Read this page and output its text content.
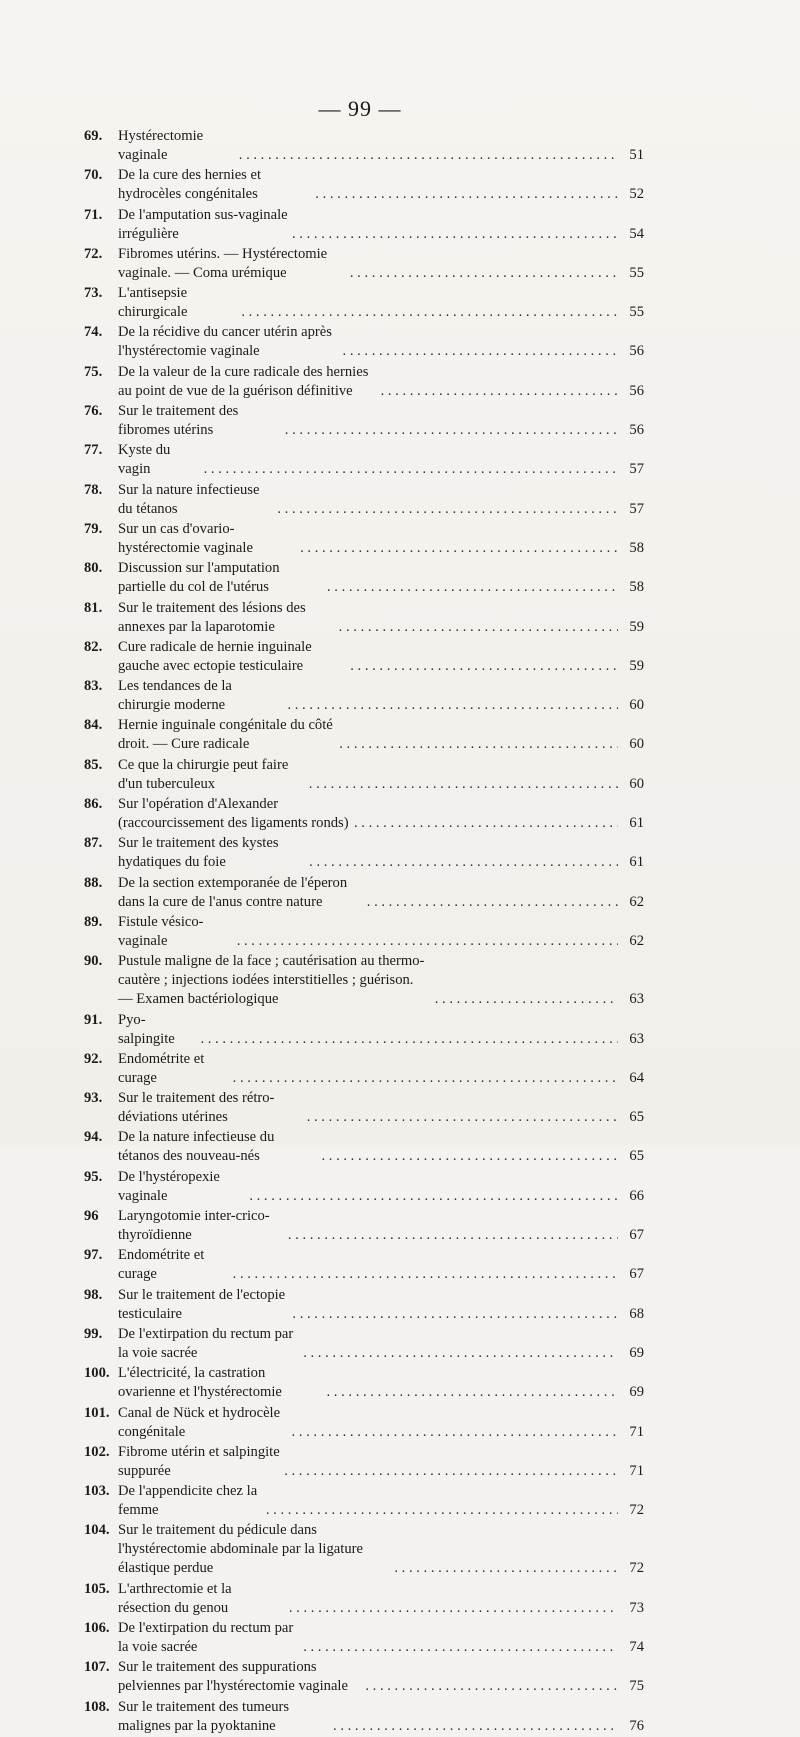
— 99 —
69.	Hystérectomie vaginale . . .	51
70.	De la cure des hernies et hydrocèles congénitales . . .	52
71.	De l'amputation sus-vaginale irrégulière . . .	54
72.	Fibromes utérins. — Hystérectomie vaginale. — Coma urémique . . .	55
73.	L'antisepsie chirurgicale . . .	55
74.	De la récidive du cancer utérin après l'hystérectomie vaginale . . .	56
75.	De la valeur de la cure radicale des hernies au point de vue de la guérison définitive . . .	56
76.	Sur le traitement des fibromes utérins . . .	56
77.	Kyste du vagin . . .	57
78.	Sur la nature infectieuse du tétanos . . .	57
79.	Sur un cas d'ovario-hystérectomie vaginale . . .	58
80.	Discussion sur l'amputation partielle du col de l'utérus . . .	58
81.	Sur le traitement des lésions des annexes par la laparotomie . . .	59
82.	Cure radicale de hernie inguinale gauche avec ectopie testiculaire . . .	59
83.	Les tendances de la chirurgie moderne . . .	60
84.	Hernie inguinale congénitale du côté droit. — Cure radicale . . .	60
85.	Ce que la chirurgie peut faire d'un tuberculeux . . .	60
86.	Sur l'opération d'Alexander (raccourcissement des ligaments ronds) . . .	61
87.	Sur le traitement des kystes hydatiques du foie . . .	61
88.	De la section extemporanée de l'éperon dans la cure de l'anus contre nature . . .	62
89.	Fistule vésico-vaginale . . .	62
90.	Pustule maligne de la face ; cautérisation au thermo-cautère ; injections iodées interstitielles ; guérison. — Examen bactériologique . . .	63
91.	Pyo-salpingite . . .	63
92.	Endométrite et curage . . .	64
93.	Sur le traitement des rétro-déviations utérines . . .	65
94.	De la nature infectieuse du tétanos des nouveau-nés . . .	65
95.	De l'hystéropexie vaginale . . .	66
96	Laryngotomie inter-crico-thyroïdienne . . .	67
97.	Endométrite et curage . . .	67
98.	Sur le traitement de l'ectopie testiculaire . . .	68
99.	De l'extirpation du rectum par la voie sacrée . . .	69
100. L'électricité, la castration ovarienne et l'hystérectomie . . .	69
101. Canal de Nück et hydrocèle congénitale . . .	71
102. Fibrome utérin et salpingite suppurée . . .	71
103. De l'appendicite chez la femme . . .	72
104. Sur le traitement du pédicule dans l'hystérectomie abdominale par la ligature élastique perdue . . .	72
105. L'arthrectomie et la résection du genou . . .	73
106. De l'extirpation du rectum par la voie sacrée . . .	74
107. Sur le traitement des suppurations pelviennes par l'hystérectomie vaginale . . .	75
108. Sur le traitement des tumeurs malignes par la pyoktanine . . .	76
